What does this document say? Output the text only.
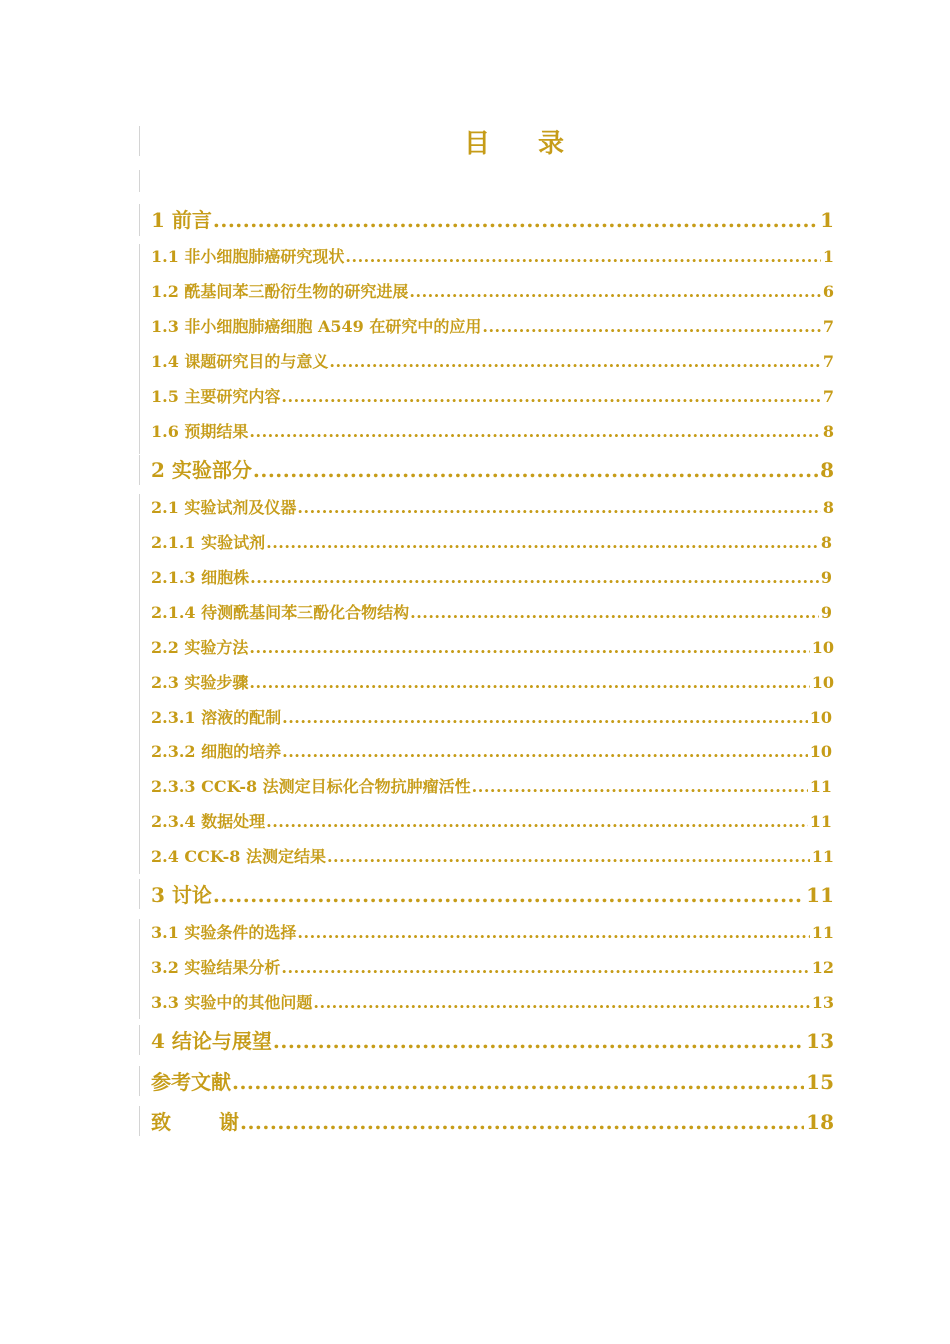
目录
1 前言 .....	1
1.1 非小细胞肺癌研究现状 .....	1
1.2 酰基间苯三酚衍生物的研究进展 .....	6
1.3 非小细胞肺癌细胞 A549 在研究中的应用 .....	7
1.4 课题研究目的与意义 .....	7
1.5 主要研究内容 .....	7
1.6 预期结果 .....	8
2 实验部分 .....	8
2.1 实验试剂及仪器 .....	8
2.1.1 实验试剂 .....	8
2.1.3 细胞株 .....	9
2.1.4 待测酰基间苯三酚化合物结构 .....	9
2.2 实验方法 .....	10
2.3 实验步骤 .....	10
2.3.1 溶液的配制 .....	10
2.3.2 细胞的培养 .....	10
2.3.3 CCK-8 法测定目标化合物抗肿瘤活性 .....	11
2.3.4 数据处理 .....	11
2.4 CCK-8 法测定结果 .....	11
3 讨论 .....	11
3.1 实验条件的选择 .....	11
3.2 实验结果分析 .....	12
3.3 实验中的其他问题 .....	13
4 结论与展望 .....	13
参考文献 .....	15
致谢 .....	18
